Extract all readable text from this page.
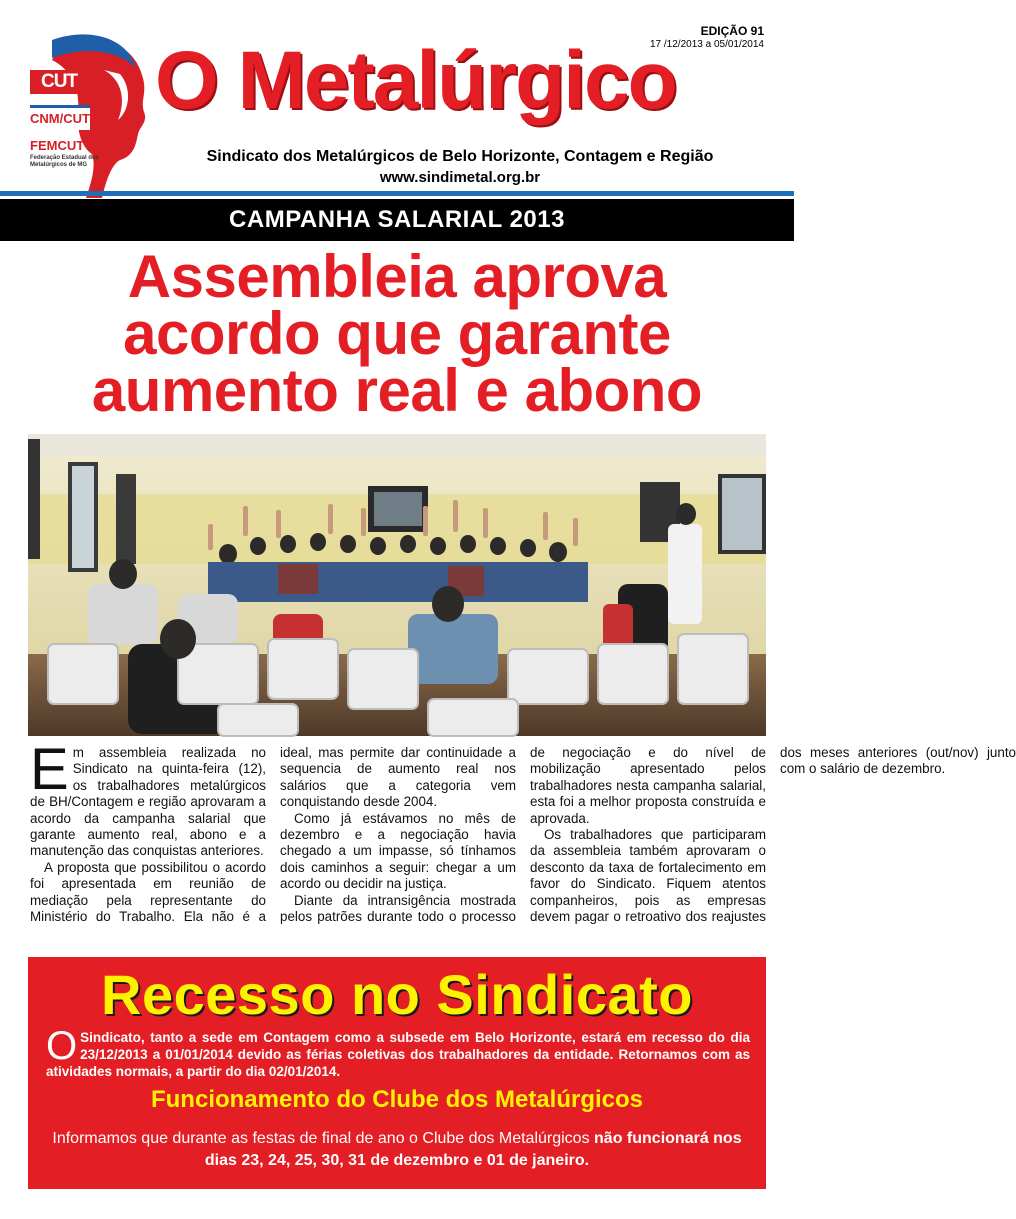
CUT
CNM/CUT
FEMCUT
Federação Estadual dos Metalúrgicos de MG
EDIÇÃO 91
17 /12/2013 a 05/01/2014
O Metalúrgico
Sindicato dos Metalúrgicos de Belo Horizonte, Contagem e Região
www.sindimetal.org.br
CAMPANHA SALARIAL 2013
Assembleia aprova
acordo que garante
aumento real e abono

Em assembleia realizada no Sindicato na quinta-feira (12), os trabalhadores metalúrgicos de BH/Contagem e região aprovaram a acordo da campanha salarial que garante aumento real, abono e a manutenção das conquistas anteriores.

A proposta que possibilitou o acordo foi apresentada em reunião de mediação pela representante do Ministério do Trabalho. Ela não é a ideal, mas permite dar continuidade a sequencia de aumento real nos salários que a categoria vem conquistando desde 2004.

Como já estávamos no mês de dezembro e a negociação havia chegado a um impasse, só tínhamos dois caminhos a seguir: chegar a um acordo ou decidir na justiça.

Diante da intransigência mostrada pelos patrões durante todo o processo de negociação e do nível de mobilização apresentado pelos trabalhadores nesta campanha salarial, esta foi a melhor proposta construída e aprovada.

Os trabalhadores que participaram da assembleia também aprovaram o desconto da taxa de fortalecimento em favor do Sindicato. Fiquem atentos companheiros, pois as empresas devem pagar o retroativo dos reajustes dos meses anteriores (out/nov) junto com o salário de dezembro.

Recesso no Sindicato
O Sindicato, tanto a sede em Contagem como a subsede em Belo Horizonte, estará em recesso do dia 23/12/2013 a 01/01/2014 devido as férias coletivas dos trabalhadores da entidade. Retornamos com as atividades normais, a partir do dia 02/01/2014.
Funcionamento do Clube dos Metalúrgicos
Informamos que durante as festas de final de ano o Clube dos Metalúrgicos não funcionará nos dias 23, 24, 25, 30, 31 de dezembro e 01 de janeiro.
